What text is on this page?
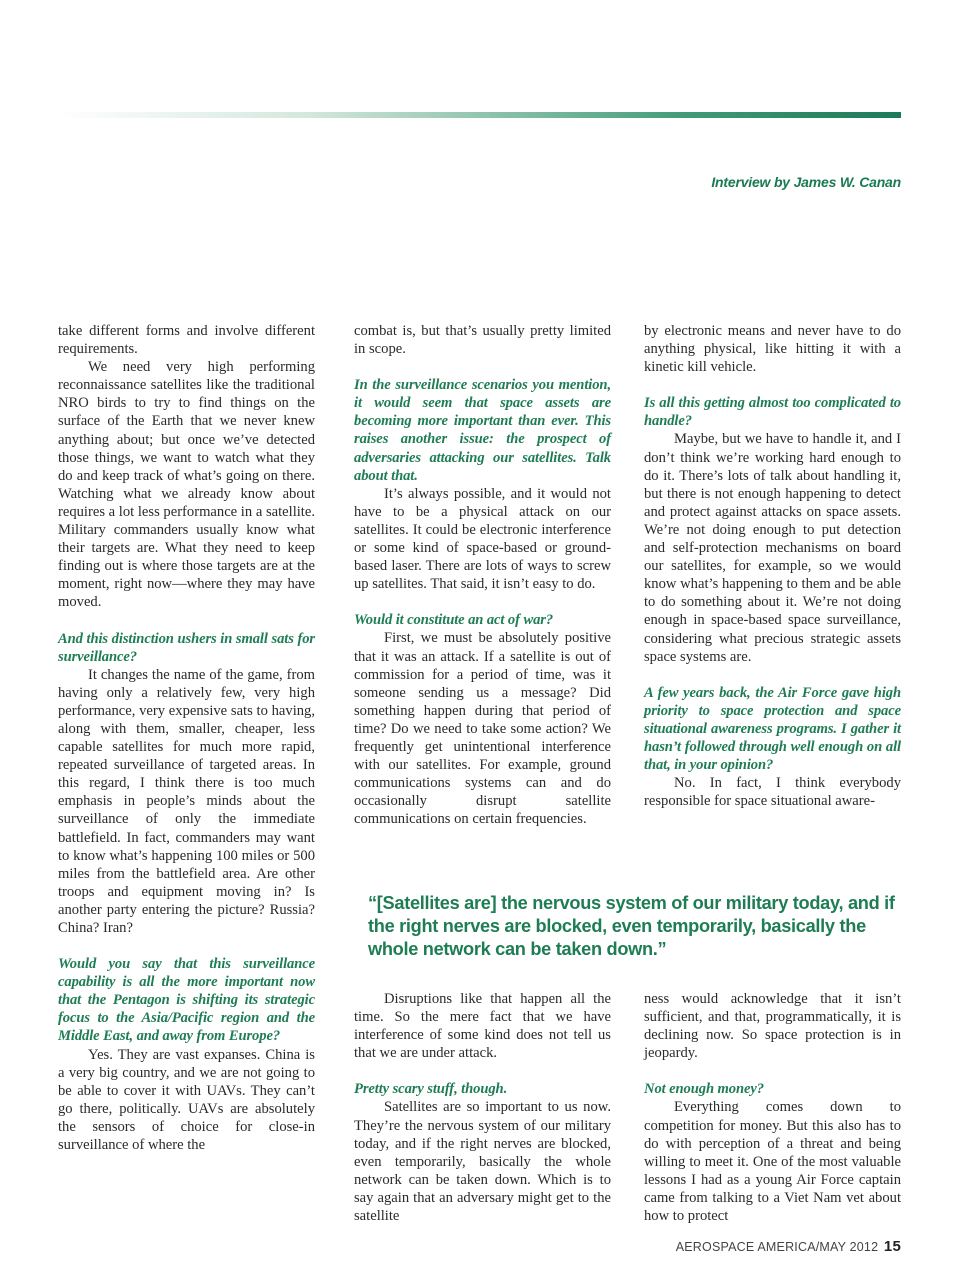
Interview by James W. Canan

take different forms and involve different requirements.

We need very high performing reconnaissance satellites like the traditional NRO birds to try to find things on the surface of the Earth that we never knew anything about; but once we’ve detected those things, we want to watch what they do and keep track of what’s going on there. Watching what we already know about requires a lot less performance in a satellite. Military commanders usually know what their targets are. What they need to keep finding out is where those targets are at the moment, right now—where they may have moved.

And this distinction ushers in small sats for surveillance?

It changes the name of the game, from having only a relatively few, very high performance, very expensive sats to having, along with them, smaller, cheaper, less capable satellites for much more rapid, repeated surveillance of targeted areas. In this regard, I think there is too much emphasis in people’s minds about the surveillance of only the immediate battlefield. In fact, commanders may want to know what’s happening 100 miles or 500 miles from the battlefield area. Are other troops and equipment moving in? Is another party entering the picture? Russia? China? Iran?

Would you say that this surveillance capability is all the more important now that the Pentagon is shifting its strategic focus to the Asia/Pacific region and the Middle East, and away from Europe?

Yes. They are vast expanses. China is a very big country, and we are not going to be able to cover it with UAVs. They can’t go there, politically. UAVs are absolutely the sensors of choice for close-in surveillance of where the

combat is, but that’s usually pretty limited in scope.

In the surveillance scenarios you mention, it would seem that space assets are becoming more important than ever. This raises another issue: the prospect of adversaries attacking our satellites. Talk about that.

It’s always possible, and it would not have to be a physical attack on our satellites. It could be electronic interference or some kind of space-based or ground-based laser. There are lots of ways to screw up satellites. That said, it isn’t easy to do.

Would it constitute an act of war?

First, we must be absolutely positive that it was an attack. If a satellite is out of commission for a period of time, was it someone sending us a message? Did something happen during that period of time? Do we need to take some action? We frequently get unintentional interference with our satellites. For example, ground communications systems can and do occasionally disrupt satellite communications on certain frequencies.

by electronic means and never have to do anything physical, like hitting it with a kinetic kill vehicle.

Is all this getting almost too complicated to handle?

Maybe, but we have to handle it, and I don’t think we’re working hard enough to do it. There’s lots of talk about handling it, but there is not enough happening to detect and protect against attacks on space assets. We’re not doing enough to put detection and self-protection mechanisms on board our satellites, for example, so we would know what’s happening to them and be able to do something about it. We’re not doing enough in space-based space surveillance, considering what precious strategic assets space systems are.

A few years back, the Air Force gave high priority to space protection and space situational awareness programs. I gather it hasn’t followed through well enough on all that, in your opinion?

No. In fact, I think everybody responsible for space situational aware-

“[Satellites are] the nervous system of our military today, and if the right nerves are blocked, even temporarily, basically the whole network can be taken down.”

Disruptions like that happen all the time. So the mere fact that we have interference of some kind does not tell us that we are under attack.

Pretty scary stuff, though.

Satellites are so important to us now. They’re the nervous system of our military today, and if the right nerves are blocked, even temporarily, basically the whole network can be taken down. Which is to say again that an adversary might get to the satellite

ness would acknowledge that it isn’t sufficient, and that, programmatically, it is declining now. So space protection is in jeopardy.

Not enough money?

Everything comes down to competition for money. But this also has to do with perception of a threat and being willing to meet it. One of the most valuable lessons I had as a young Air Force captain came from talking to a Viet Nam vet about how to protect

AEROSPACE AMERICA/MAY 2012 15
